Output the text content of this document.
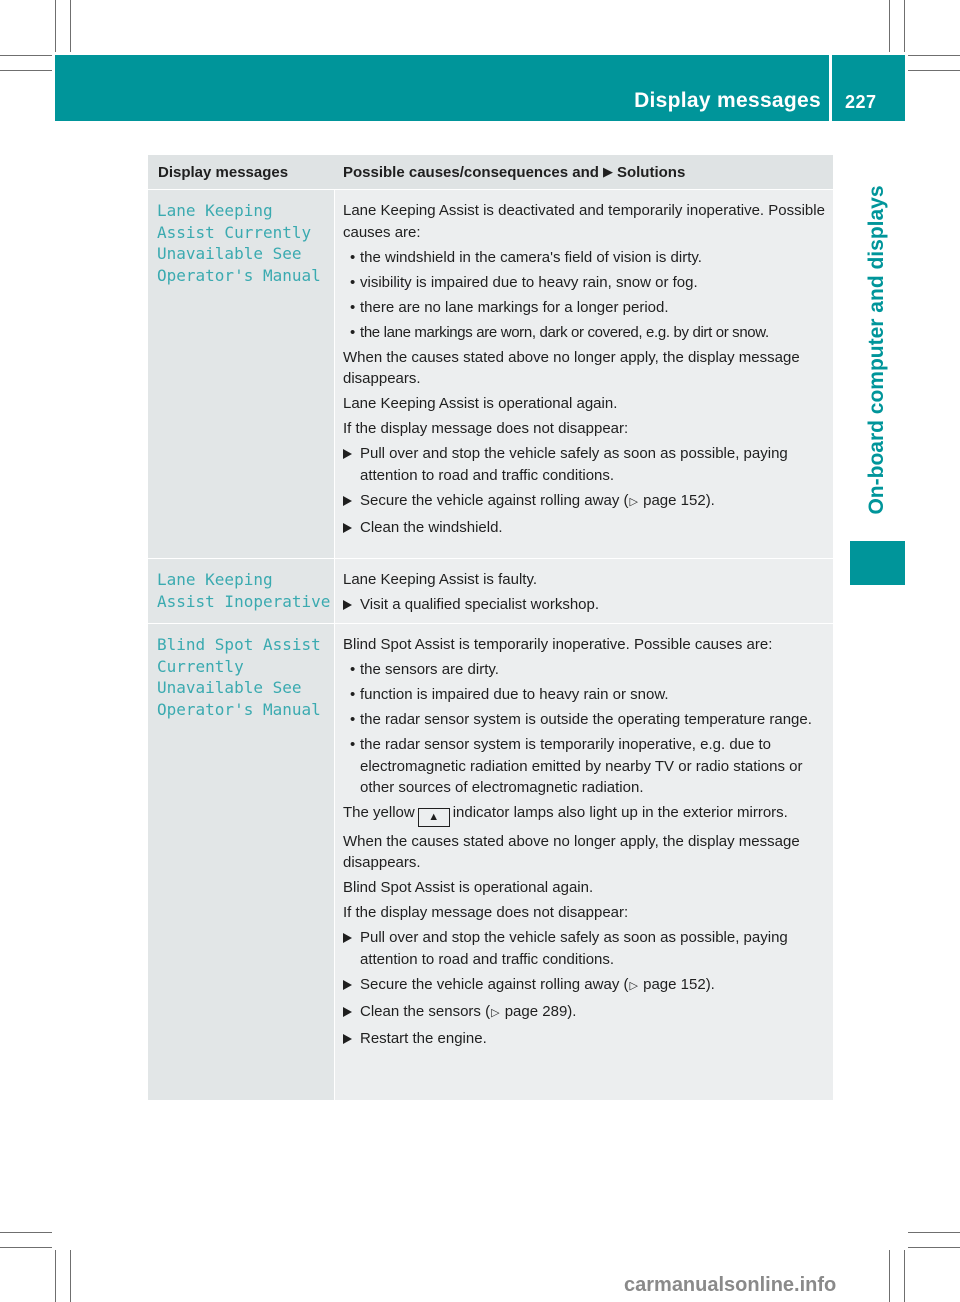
Display messages 227
On-board computer and displays
Display messages	Possible causes/consequences and ▶ Solutions
Lane Keeping
Assist Currently
Unavailable See
Operator's Manual
Lane Keeping Assist is deactivated and temporarily inoperative. Possible causes are:
• the windshield in the camera's field of vision is dirty.
• visibility is impaired due to heavy rain, snow or fog.
• there are no lane markings for a longer period.
• the lane markings are worn, dark or covered, e.g. by dirt or snow.
When the causes stated above no longer apply, the display message disappears.
Lane Keeping Assist is operational again.
If the display message does not disappear:
Pull over and stop the vehicle safely as soon as possible, paying attention to road and traffic conditions.
Secure the vehicle against rolling away (▷ page 152).
Clean the windshield.
Lane Keeping
Assist Inoperative
Lane Keeping Assist is faulty.
Visit a qualified specialist workshop.
Blind Spot Assist
Currently
Unavailable See
Operator's Manual
Blind Spot Assist is temporarily inoperative. Possible causes are:
• the sensors are dirty.
• function is impaired due to heavy rain or snow.
• the radar sensor system is outside the operating temperature range.
• the radar sensor system is temporarily inoperative, e.g. due to electromagnetic radiation emitted by nearby TV or radio stations or other sources of electromagnetic radiation.
The yellow ▲ indicator lamps also light up in the exterior mirrors.
When the causes stated above no longer apply, the display message disappears.
Blind Spot Assist is operational again.
If the display message does not disappear:
Pull over and stop the vehicle safely as soon as possible, paying attention to road and traffic conditions.
Secure the vehicle against rolling away (▷ page 152).
Clean the sensors (▷ page 289).
Restart the engine.
carmanualsonline.info
